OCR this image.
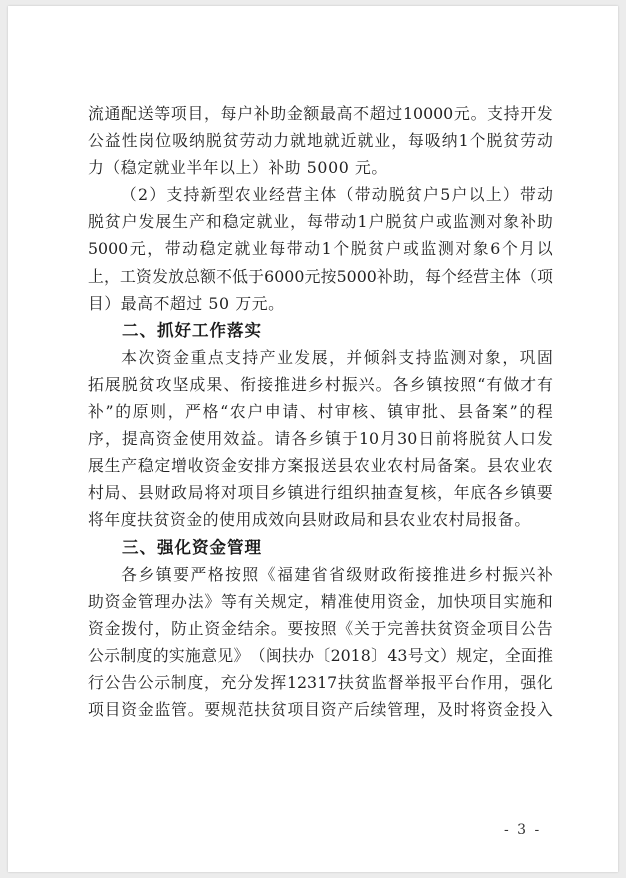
流 通 配 送 等 项 目 ， 每 户 补 助 金 额 最 高 不 超 过 10000 元 。 支 持 开 发
公 益 性 岗 位 吸 纳 脱 贫 劳 动 力 就 地 就 近 就 业 ， 每 吸 纳 1 个 脱 贫 劳 动
力（稳定就业半年以上）补助 5000 元。

（ 2 ） 支 持 新 型 农 业 经 营 主 体 （ 带 动 脱 贫 户 5 户 以 上 ） 带 动
脱 贫 户 发 展 生 产 和 稳 定 就 业 ， 每 带 动 1 户 脱 贫 户 或 监 测 对 象 补 助
5000 元 ， 带 动 稳 定 就 业 每 带 动 1 个 脱 贫 户 或 监 测 对 象 6 个 月 以
上 ， 工 资 发 放 总 额 不 低 于 6000 元 按 5000 补 助 ， 每 个 经 营 主 体 （ 项
目）最高不超过 50 万元。
二、抓好工作落实

本 次 资 金 重 点 支 持 产 业 发 展 ， 并 倾 斜 支 持 监 测 对 象 ， 巩 固
拓 展 脱 贫 攻 坚 成 果 、 衔 接 推 进 乡 村 振 兴 。 各 乡 镇 按 照 “ 有 做 才 有
补 ” 的 原 则 ， 严 格 “ 农 户 申 请 、 村 审 核 、 镇 审 批 、 县 备 案 ” 的 程
序 ， 提 高 资 金 使 用 效 益 。 请 各 乡 镇 于 10 月 30 日 前 将 脱 贫 人 口 发
展 生 产 稳 定 增 收 资 金 安 排 方 案 报 送 县 农 业 农 村 局 备 案 。 县 农 业 农
村 局 、 县 财 政 局 将 对 项 目 乡 镇 进 行 组 织 抽 查 复 核 ， 年 底 各 乡 镇 要
将年度扶贫资金的使用成效向县财政局和县农业农村局报备。
三、强化资金管理

各 乡 镇 要 严 格 按 照 《 福 建 省 省 级 财 政 衔 接 推 进 乡 村 振 兴 补
助 资 金 管 理 办 法 》 等 有 关 规 定 ， 精 准 使 用 资 金 ， 加 快 项 目 实 施 和
资 金 拨 付 ， 防 止 资 金 结 余 。 要 按 照 《 关 于 完 善 扶 贫 资 金 项 目 公 告
公 示 制 度 的 实 施 意 见 》 （ 闽 扶 办 〔 2018 〕 43 号 文 ） 规 定 ， 全 面 推
行 公 告 公 示 制 度 ， 充 分 发 挥 12317 扶 贫 监 督 举 报 平 台 作 用 ， 强 化
项 目 资 金 监 管 。 要 规 范 扶 贫 项 目 资 产 后 续 管 理 ， 及 时 将 资 金 投 入
- 3 -
